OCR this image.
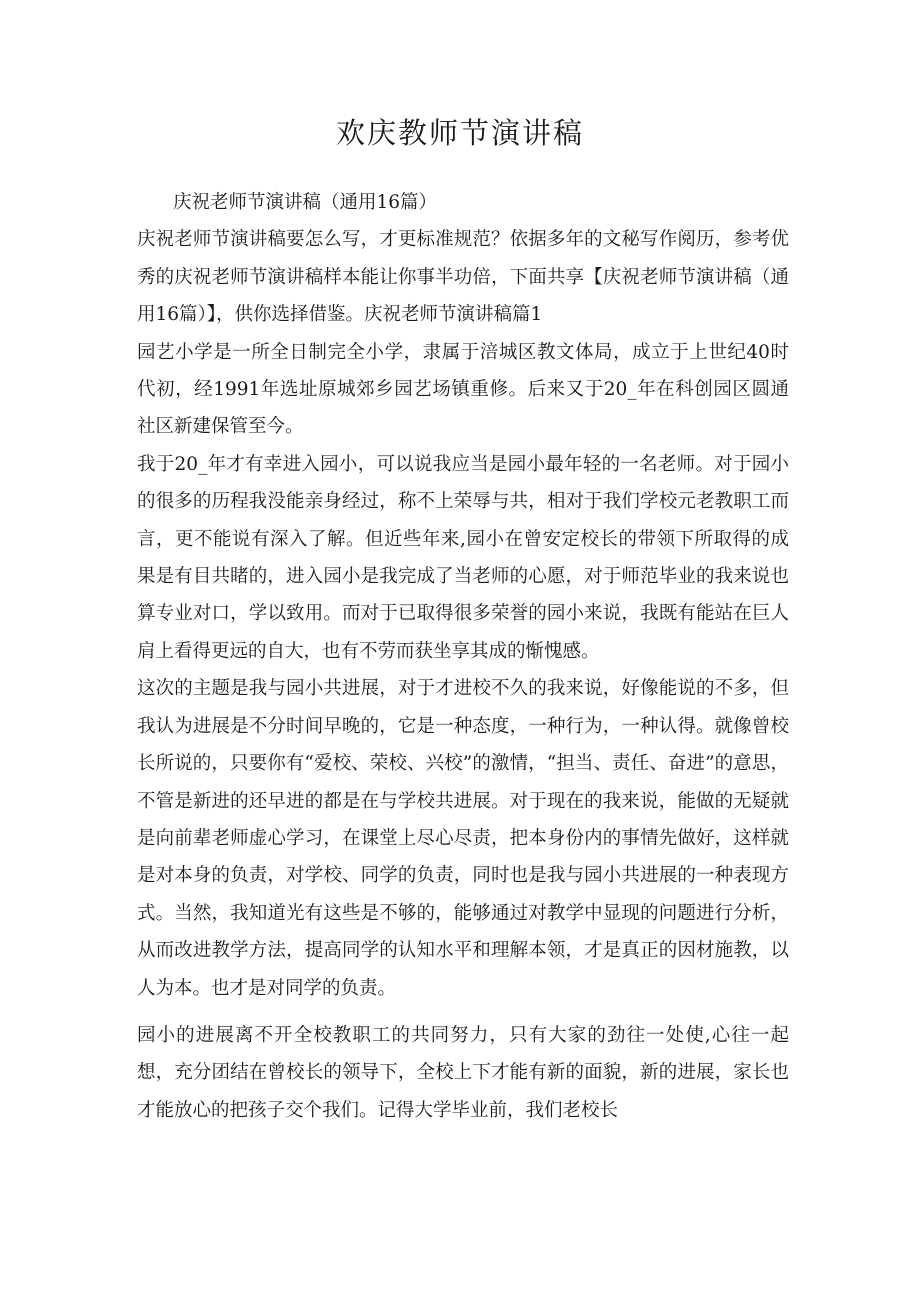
欢庆教师节演讲稿

庆祝老师节演讲稿（通用16篇）

庆祝老师节演讲稿要怎么写，才更标准规范？依据多年的文秘写作阅历，参考优秀的庆祝老师节演讲稿样本能让你事半功倍，下面共享【庆祝老师节演讲稿（通用16篇）】，供你选择借鉴。庆祝老师节演讲稿篇1

园艺小学是一所全日制完全小学，隶属于涪城区教文体局，成立于上世纪40时代初，经1991年选址原城郊乡园艺场镇重修。后来又于20_年在科创园区圆通社区新建保管至今。

我于20_年才有幸进入园小，可以说我应当是园小最年轻的一名老师。对于园小的很多的历程我没能亲身经过，称不上荣辱与共，相对于我们学校元老教职工而言，更不能说有深入了解。但近些年来,园小在曾安定校长的带领下所取得的成果是有目共睹的，进入园小是我完成了当老师的心愿，对于师范毕业的我来说也算专业对口，学以致用。而对于已取得很多荣誉的园小来说，我既有能站在巨人肩上看得更远的自大，也有不劳而获坐享其成的惭愧感。

这次的主题是我与园小共进展，对于才进校不久的我来说，好像能说的不多，但我认为进展是不分时间早晚的，它是一种态度，一种行为，一种认得。就像曾校长所说的，只要你有“爱校、荣校、兴校”的激情，“担当、责任、奋进”的意思，不管是新进的还早进的都是在与学校共进展。对于现在的我来说，能做的无疑就是向前辈老师虚心学习，在课堂上尽心尽责，把本身份内的事情先做好，这样就是对本身的负责，对学校、同学的负责，同时也是我与园小共进展的一种表现方式。当然，我知道光有这些是不够的，能够通过对教学中显现的问题进行分析，从而改进教学方法，提高同学的认知水平和理解本领，才是真正的因材施教，以人为本。也才是对同学的负责。

园小的进展离不开全校教职工的共同努力，只有大家的劲往一处使,心往一起想，充分团结在曾校长的领导下，全校上下才能有新的面貌，新的进展，家长也才能放心的把孩子交个我们。记得大学毕业前，我们老校长
